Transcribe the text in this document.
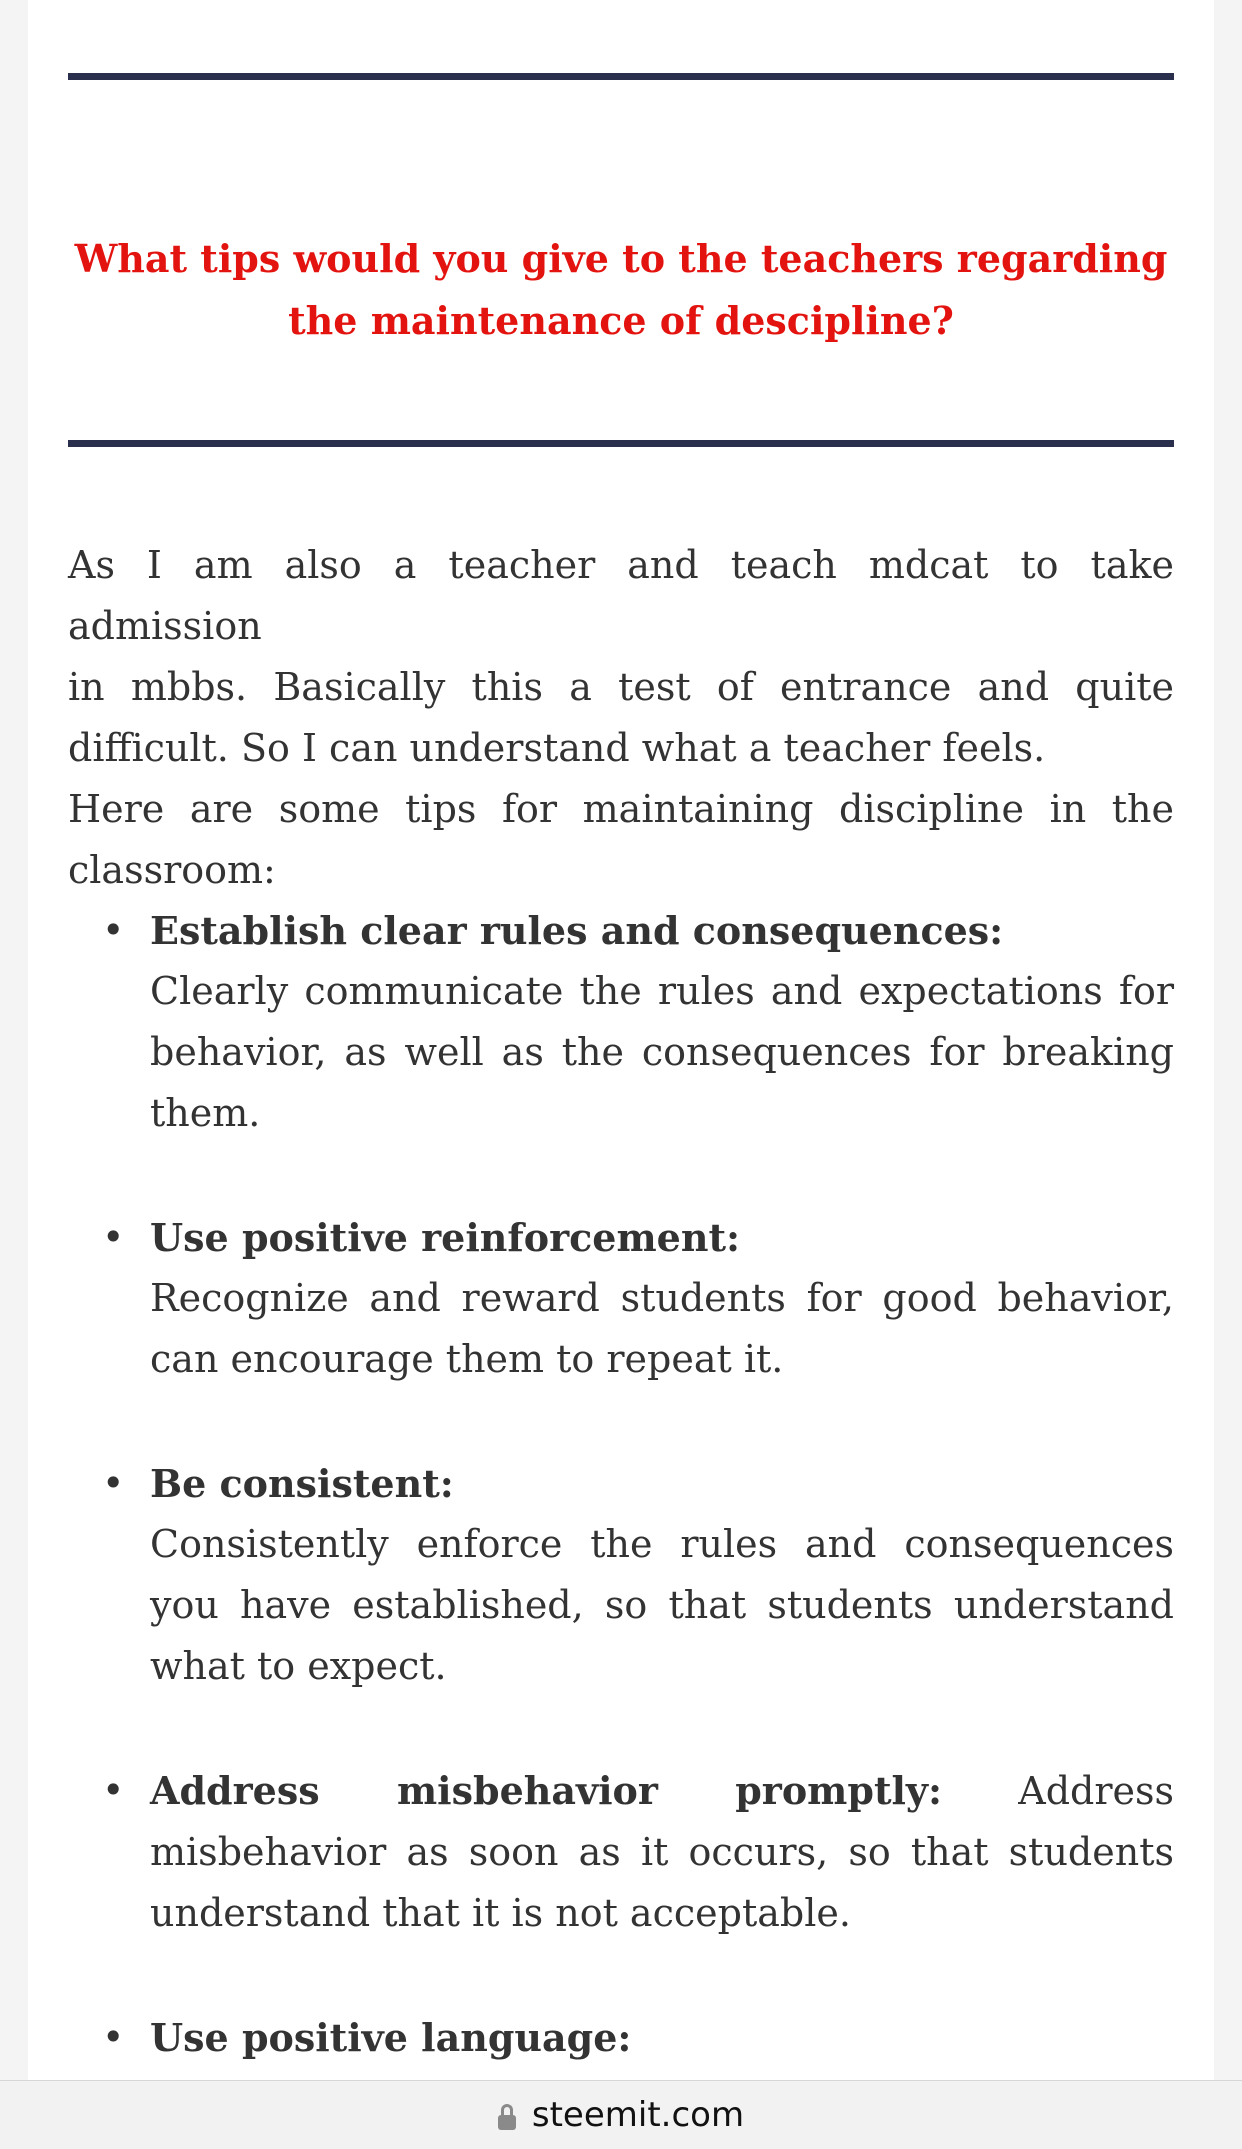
What tips would you give to the teachers regarding the maintenance of descipline?

As I am also a teacher and teach mdcat to take admission
in mbbs. Basically this a test of entrance and quite
difficult. So I can understand what a teacher feels.
Here are some tips for maintaining discipline in the
classroom:

• Establish clear rules and consequences:
Clearly communicate the rules and expectations for behavior, as well as the consequences for breaking them.
• Use positive reinforcement:
Recognize and reward students for good behavior, can encourage them to repeat it.
• Be consistent:
Consistently enforce the rules and consequences you have established, so that students understand what to expect.
• Address misbehavior promptly: Address misbehavior as soon as it occurs, so that students understand that it is not acceptable.
• Use positive language:
steemit.com
